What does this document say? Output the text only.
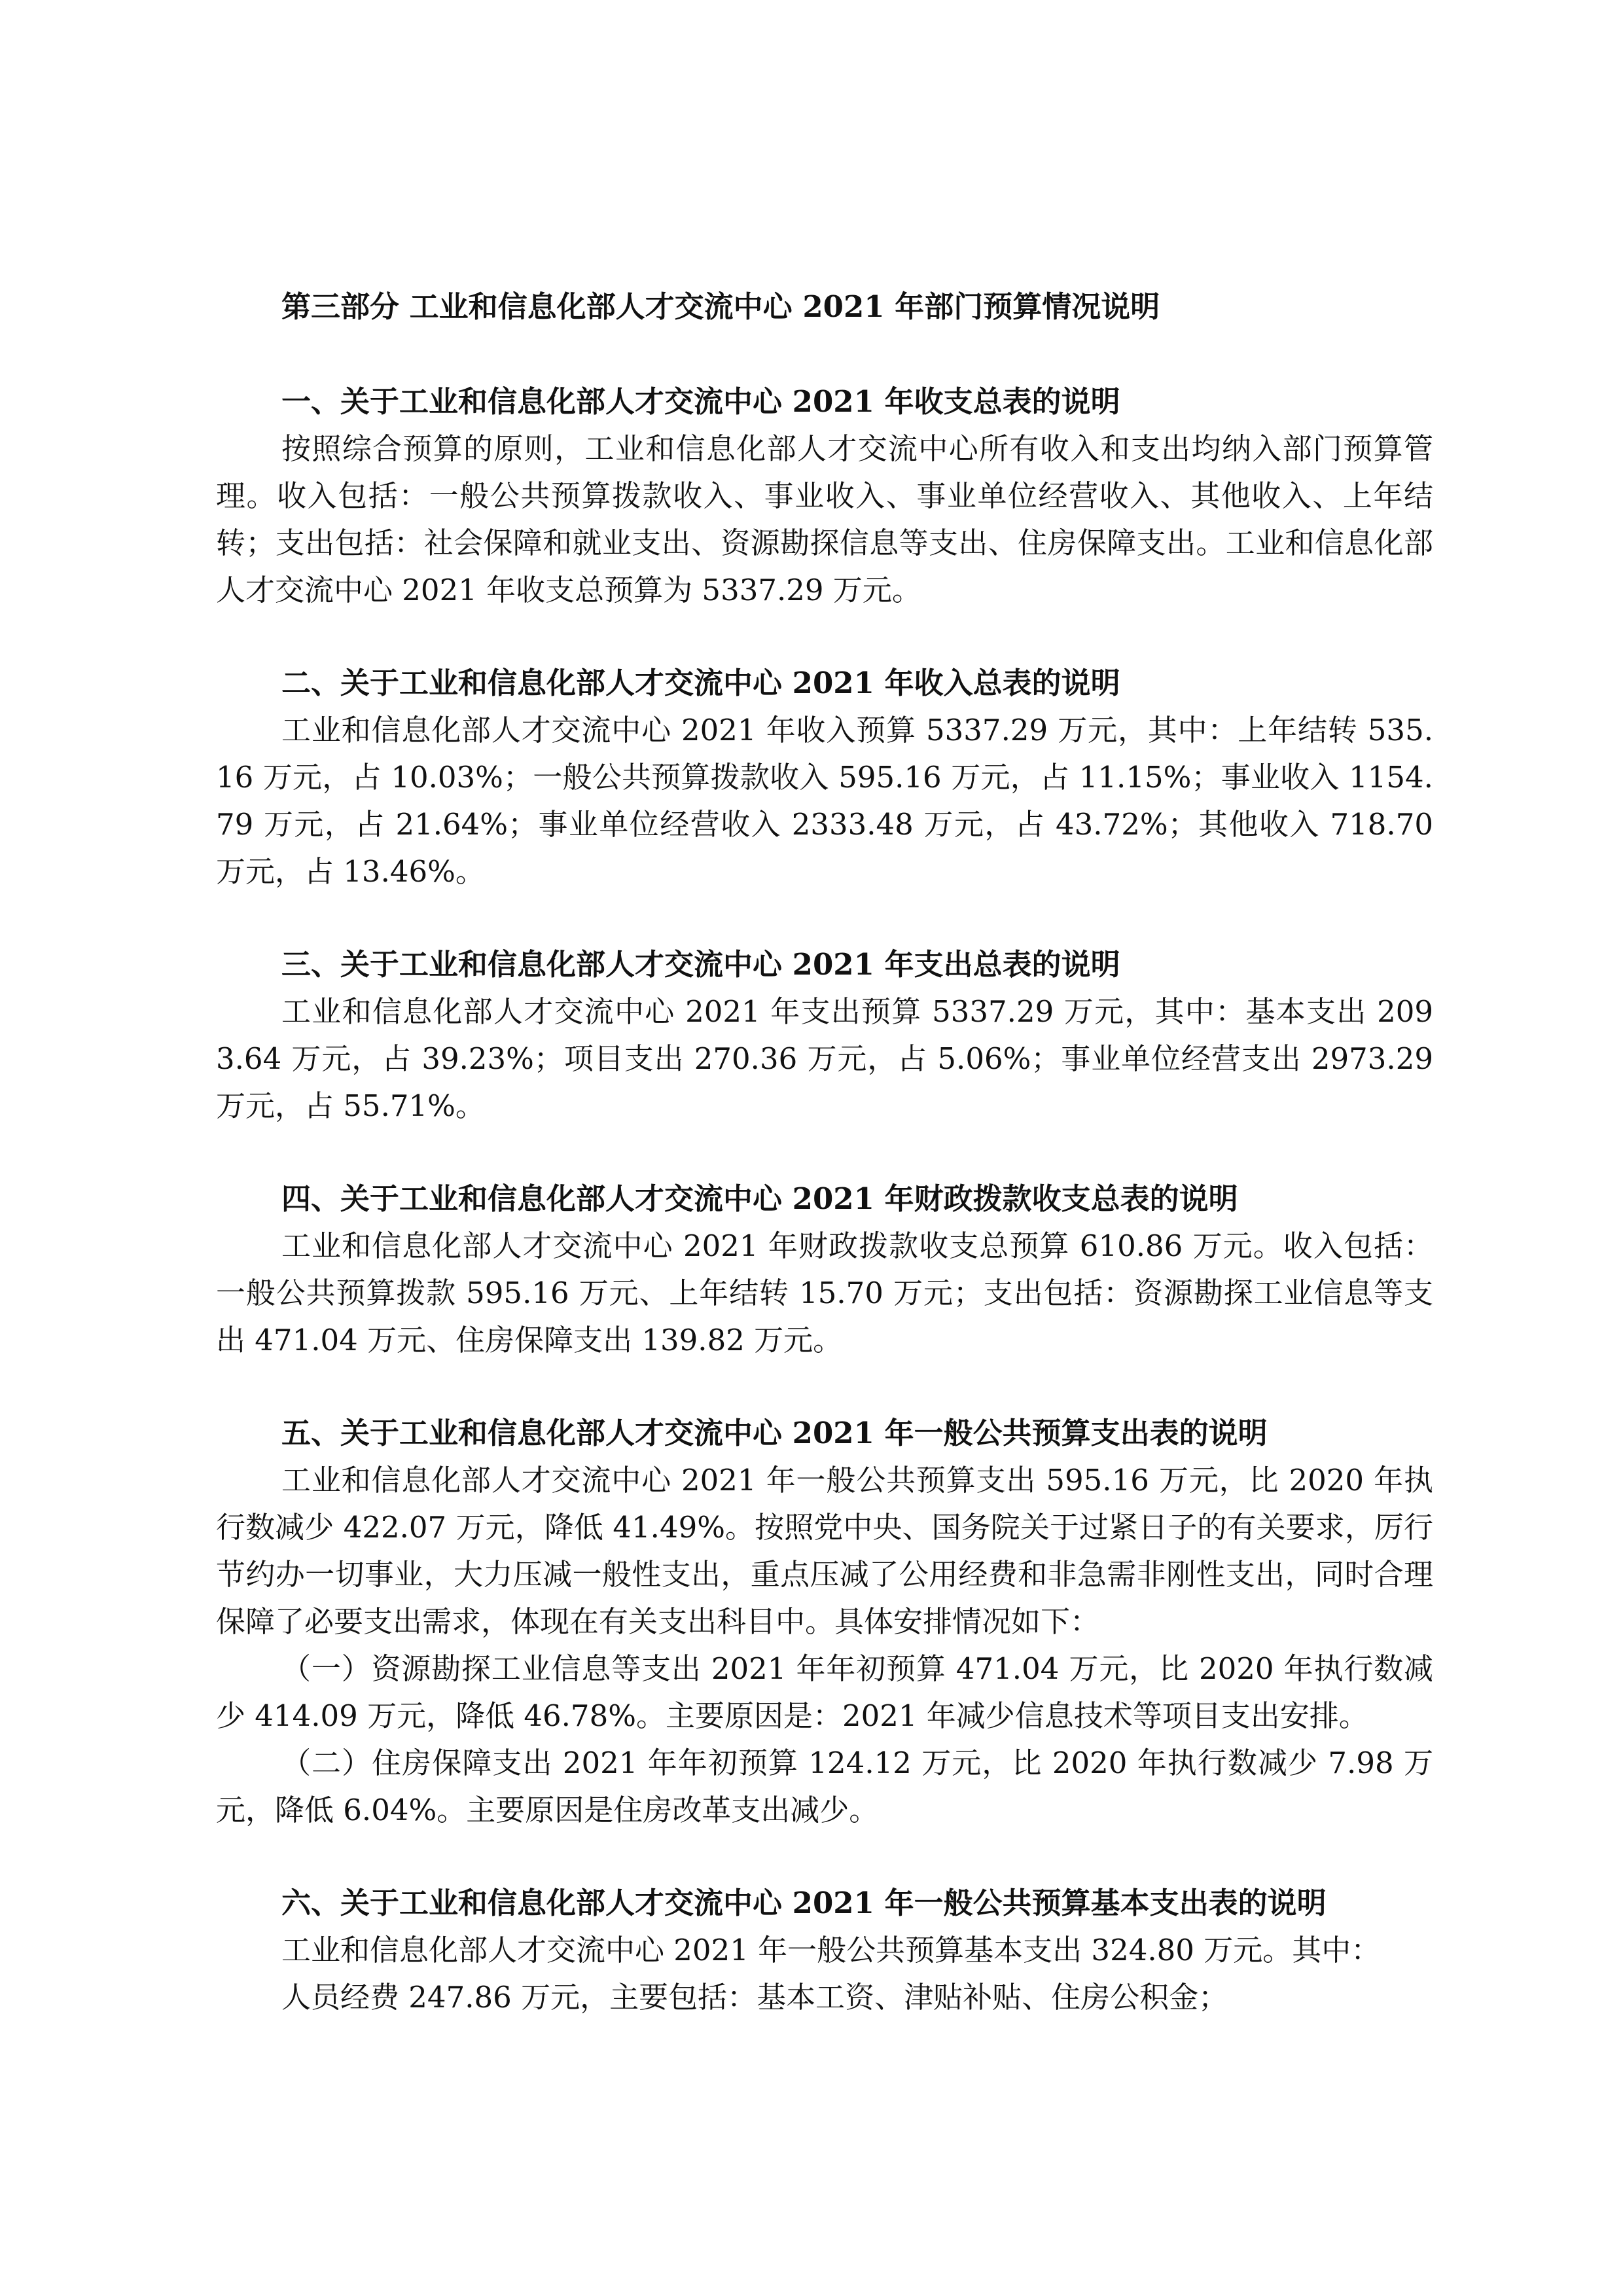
第三部分 工业和信息化部人才交流中心 2021 年部门预算情况说明
一、关于工业和信息化部人才交流中心 2021 年收支总表的说明

按照综合预算的原则，工业和信息化部人才交流中心所有收入和支出均纳入部门预算管理。收入包括：一般公共预算拨款收入、事业收入、事业单位经营收入、其他收入、上年结转；支出包括：社会保障和就业支出、资源勘探信息等支出、住房保障支出。工业和信息化部人才交流中心 2021 年收支总预算为 5337.29 万元。

二、关于工业和信息化部人才交流中心 2021 年收入总表的说明

工业和信息化部人才交流中心 2021 年收入预算 5337.29 万元，其中：上年结转 535.16 万元，占 10.03%；一般公共预算拨款收入 595.16 万元，占 11.15%；事业收入 1154.79 万元，占 21.64%；事业单位经营收入 2333.48 万元，占 43.72%；其他收入 718.70 万元，占 13.46%。

三、关于工业和信息化部人才交流中心 2021 年支出总表的说明

工业和信息化部人才交流中心 2021 年支出预算 5337.29 万元，其中：基本支出 2093.64 万元，占 39.23%；项目支出 270.36 万元，占 5.06%；事业单位经营支出 2973.29 万元，占 55.71%。

四、关于工业和信息化部人才交流中心 2021 年财政拨款收支总表的说明

工业和信息化部人才交流中心 2021 年财政拨款收支总预算 610.86 万元。收入包括：一般公共预算拨款 595.16 万元、上年结转 15.70 万元；支出包括：资源勘探工业信息等支出 471.04 万元、住房保障支出 139.82 万元。

五、关于工业和信息化部人才交流中心 2021 年一般公共预算支出表的说明

工业和信息化部人才交流中心 2021 年一般公共预算支出 595.16 万元，比 2020 年执行数减少 422.07 万元，降低 41.49%。按照党中央、国务院关于过紧日子的有关要求，厉行节约办一切事业，大力压减一般性支出，重点压减了公用经费和非急需非刚性支出，同时合理保障了必要支出需求，体现在有关支出科目中。具体安排情况如下：

（一）资源勘探工业信息等支出 2021 年年初预算 471.04 万元，比 2020 年执行数减少 414.09 万元，降低 46.78%。主要原因是：2021 年减少信息技术等项目支出安排。

（二）住房保障支出 2021 年年初预算 124.12 万元，比 2020 年执行数减少 7.98 万元，降低 6.04%。主要原因是住房改革支出减少。

六、关于工业和信息化部人才交流中心 2021 年一般公共预算基本支出表的说明

工业和信息化部人才交流中心 2021 年一般公共预算基本支出 324.80 万元。其中：

人员经费 247.86 万元，主要包括：基本工资、津贴补贴、住房公积金；
